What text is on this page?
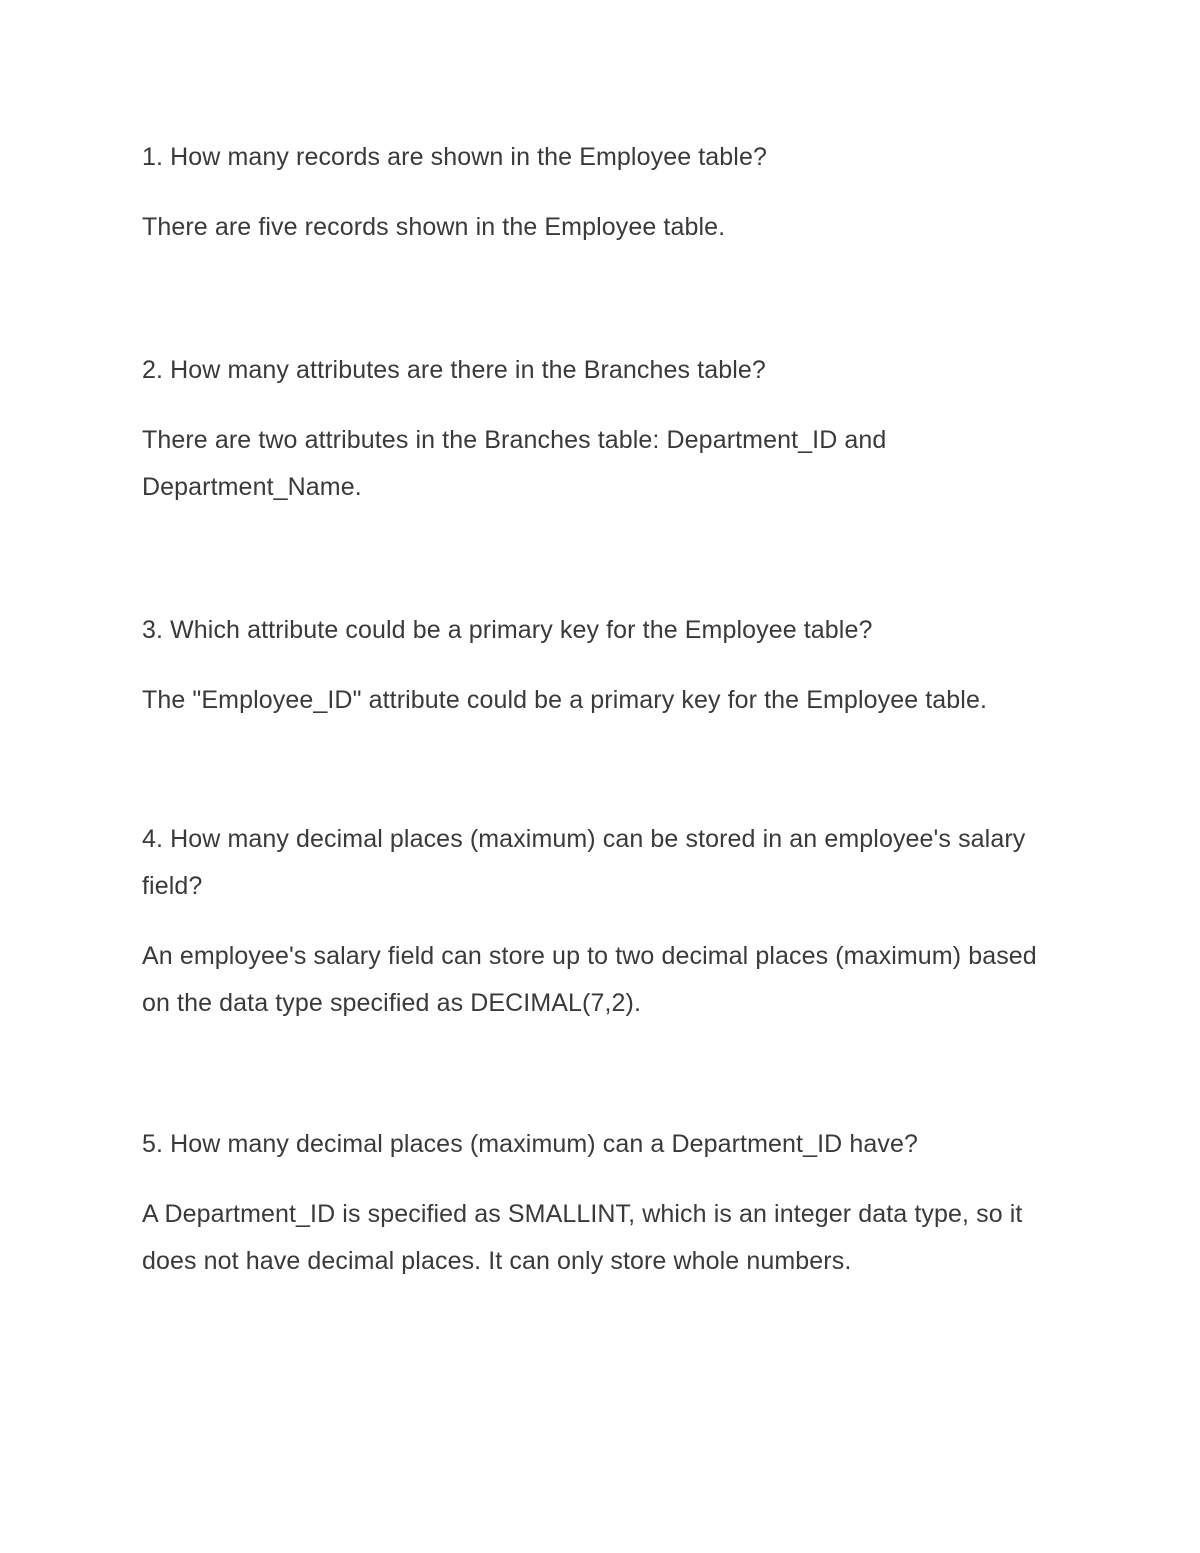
1. How many records are shown in the Employee table?

There are five records shown in the Employee table.

2. How many attributes are there in the Branches table?

There are two attributes in the Branches table: Department_ID and Department_Name.

3. Which attribute could be a primary key for the Employee table?

The "Employee_ID" attribute could be a primary key for the Employee table.

4. How many decimal places (maximum) can be stored in an employee's salary field?

An employee's salary field can store up to two decimal places (maximum) based on the data type specified as DECIMAL(7,2).

5. How many decimal places (maximum) can a Department_ID have?

A Department_ID is specified as SMALLINT, which is an integer data type, so it does not have decimal places. It can only store whole numbers.
